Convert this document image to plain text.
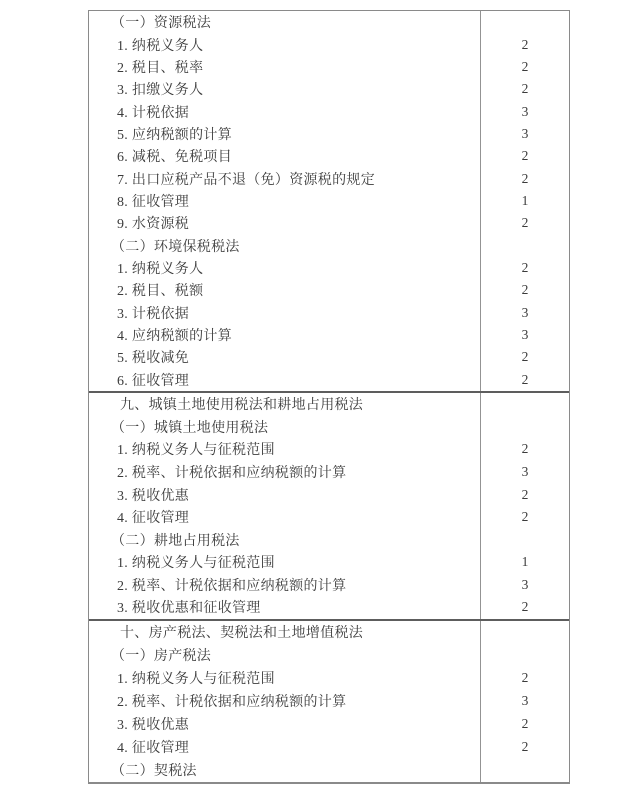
（一）资源税法
1. 纳税义务人	2
2. 税目、税率	2
3. 扣缴义务人	2
4. 计税依据	3
5. 应纳税额的计算	3
6. 减税、免税项目	2
7. 出口应税产品不退（免）资源税的规定	2
8. 征收管理	1
9. 水资源税	2
（二）环境保税税法
1. 纳税义务人	2
2. 税目、税额	2
3. 计税依据	3
4. 应纳税额的计算	3
5. 税收减免	2
6. 征收管理	2
九、城镇土地使用税法和耕地占用税法
（一）城镇土地使用税法
1. 纳税义务人与征税范围	2
2. 税率、计税依据和应纳税额的计算	3
3. 税收优惠	2
4. 征收管理	2
（二）耕地占用税法
1. 纳税义务人与征税范围	1
2. 税率、计税依据和应纳税额的计算	3
3. 税收优惠和征收管理	2
十、房产税法、契税法和土地增值税法
（一）房产税法
1. 纳税义务人与征税范围	2
2. 税率、计税依据和应纳税额的计算	3
3. 税收优惠	2
4. 征收管理	2
（二）契税法
